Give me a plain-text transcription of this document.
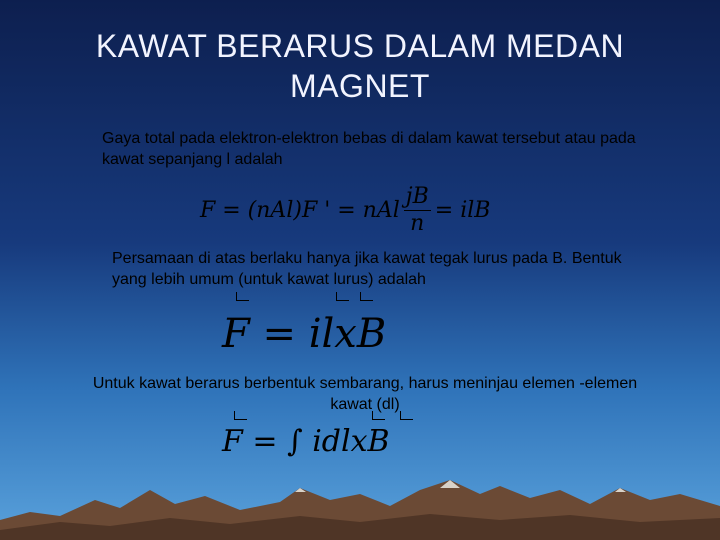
KAWAT BERARUS DALAM MEDAN MAGNET
Gaya total pada elektron-elektron bebas di dalam kawat tersebut atau pada kawat sepanjang l adalah
F = (nAl)F ' = nAl $\frac{jB}{n}$ = ilB
Persamaan di atas berlaku hanya jika kawat tegak lurus pada B. Bentuk yang lebih umum (untuk kawat lurus) adalah
F = ilxB
Untuk kawat berarus berbentuk sembarang, harus meninjau elemen -elemen kawat (dl)
F = ∫ idlxB
